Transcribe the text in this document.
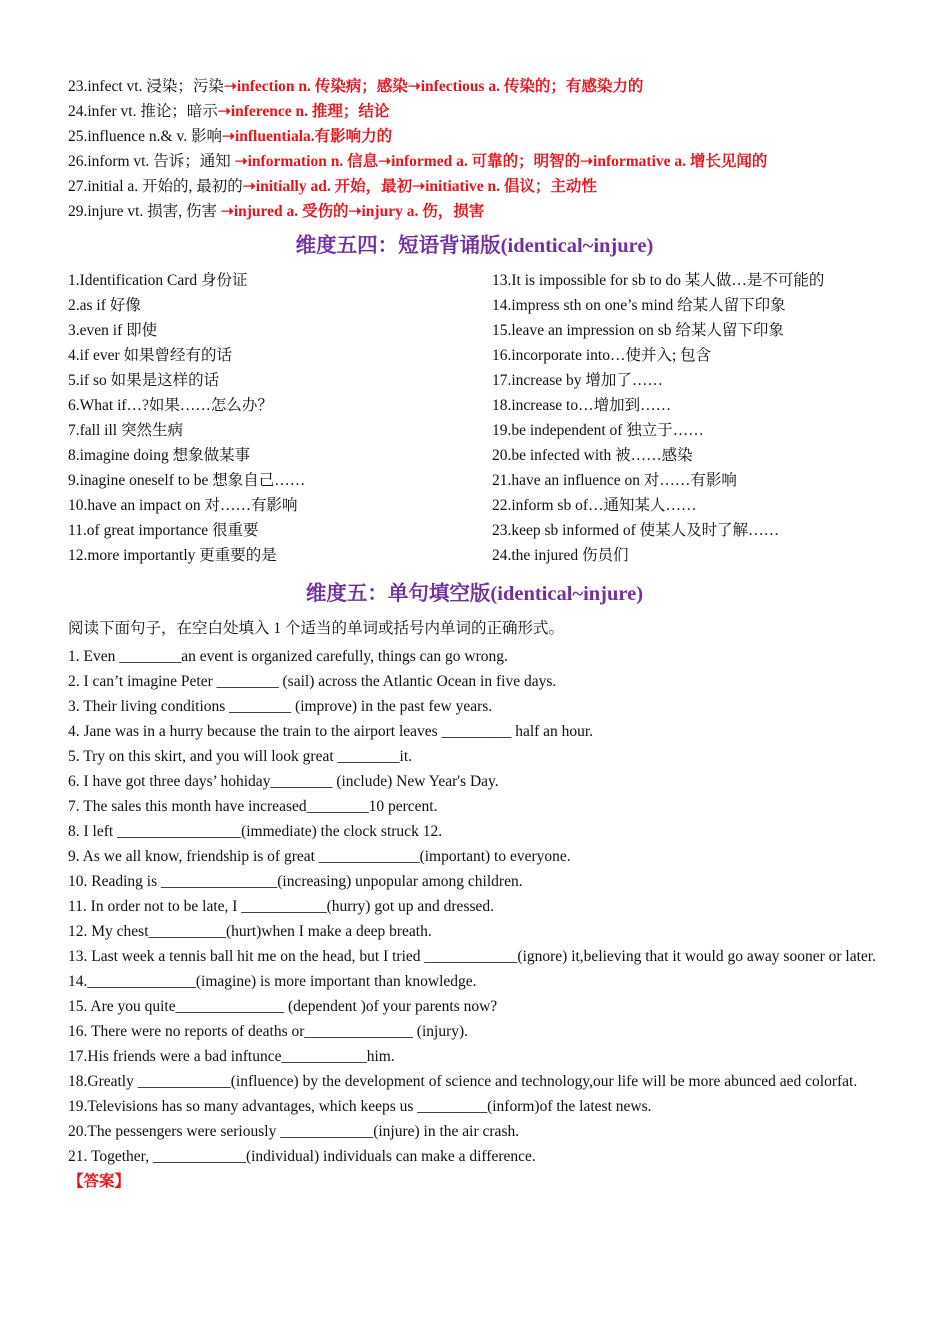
23.infect vt. 浸染；污染➝infection n. 传染病；感染➝infectious a. 传染的；有感染力的
24.infer vt. 推论；暗示➝inference n. 推理；结论
25.influence n.& v. 影响➝influentiala.有影响力的
26.inform vt. 告诉；通知 ➝information n. 信息➝informed a. 可靠的；明智的➝informative a. 增长见闻的
27.initial a. 开始的, 最初的➝initially ad. 开始，最初➝initiative n. 倡议；主动性
29.injure vt. 损害, 伤害 ➝injured a. 受伤的➝injury a. 伤，损害
维度五四：短语背诵版(identical~injure)
1.Identification Card 身份证
2.as if 好像
3.even if 即使
4.if ever 如果曾经有的话
5.if so 如果是这样的话
6.What if…?如果……怎么办？
7.fall ill 突然生病
8.imagine doing 想象做某事
9.inagine oneself to be 想象自己……
10.have an impact on 对……有影响
11.of great importance 很重要
12.more importantly 更重要的是
13.It is impossible for sb to do 某人做…是不可能的
14.impress sth on one’s mind 给某人留下印象
15.leave an impression on sb 给某人留下印象
16.incorporate into…使并入; 包含
17.increase by 增加了……
18.increase to…增加到……
19.be independent of 独立于……
20.be infected with 被……感染
21.have an influence on 对……有影响
22.inform sb of…通知某人……
23.keep sb informed of 使某人及时了解……
24.the injured 伤员们
维度五：单句填空版(identical~injure)
阅读下面句子，在空白处填入 1 个适当的单词或括号内单词的正确形式。
1. Even ________an event is organized carefully, things can go wrong.
2. I can’t imagine Peter ________ (sail) across the Atlantic Ocean in five days.
3. Their living conditions ________ (improve) in the past few years.
4. Jane was in a hurry because the train to the airport leaves _________ half an hour.
5. Try on this skirt, and you will look great ________it.
6. I have got three days’ hohiday________ (include) New Year's Day.
7. The sales this month have increased________10 percent.
8. I left ________________(immediate) the clock struck 12.
9. As we all know, friendship is of great _____________(important) to everyone.
10. Reading is _______________(increasing) unpopular among children.
11. In order not to be late, I ___________(hurry) got up and dressed.
12. My chest__________(hurt)when I make a deep breath.
13. Last week a tennis ball hit me on the head, but I tried ____________(ignore) it,believing that it would go away sooner or later.
14.______________(imagine) is more important than knowledge.
15. Are you quite______________ (dependent )of your parents now?
16. There were no reports of deaths or______________ (injury).
17.His friends were a bad inftunce___________him.
18.Greatly ____________(influence) by the development of science and technology,our life will be more abunced aed colorfat.
19.Televisions has so many advantages, which keeps us _________(inform)of the latest news.
20.The pessengers were seriously ____________(injure) in the air crash.
21. Together, ____________(individual) individuals can make a difference.
【答案】
